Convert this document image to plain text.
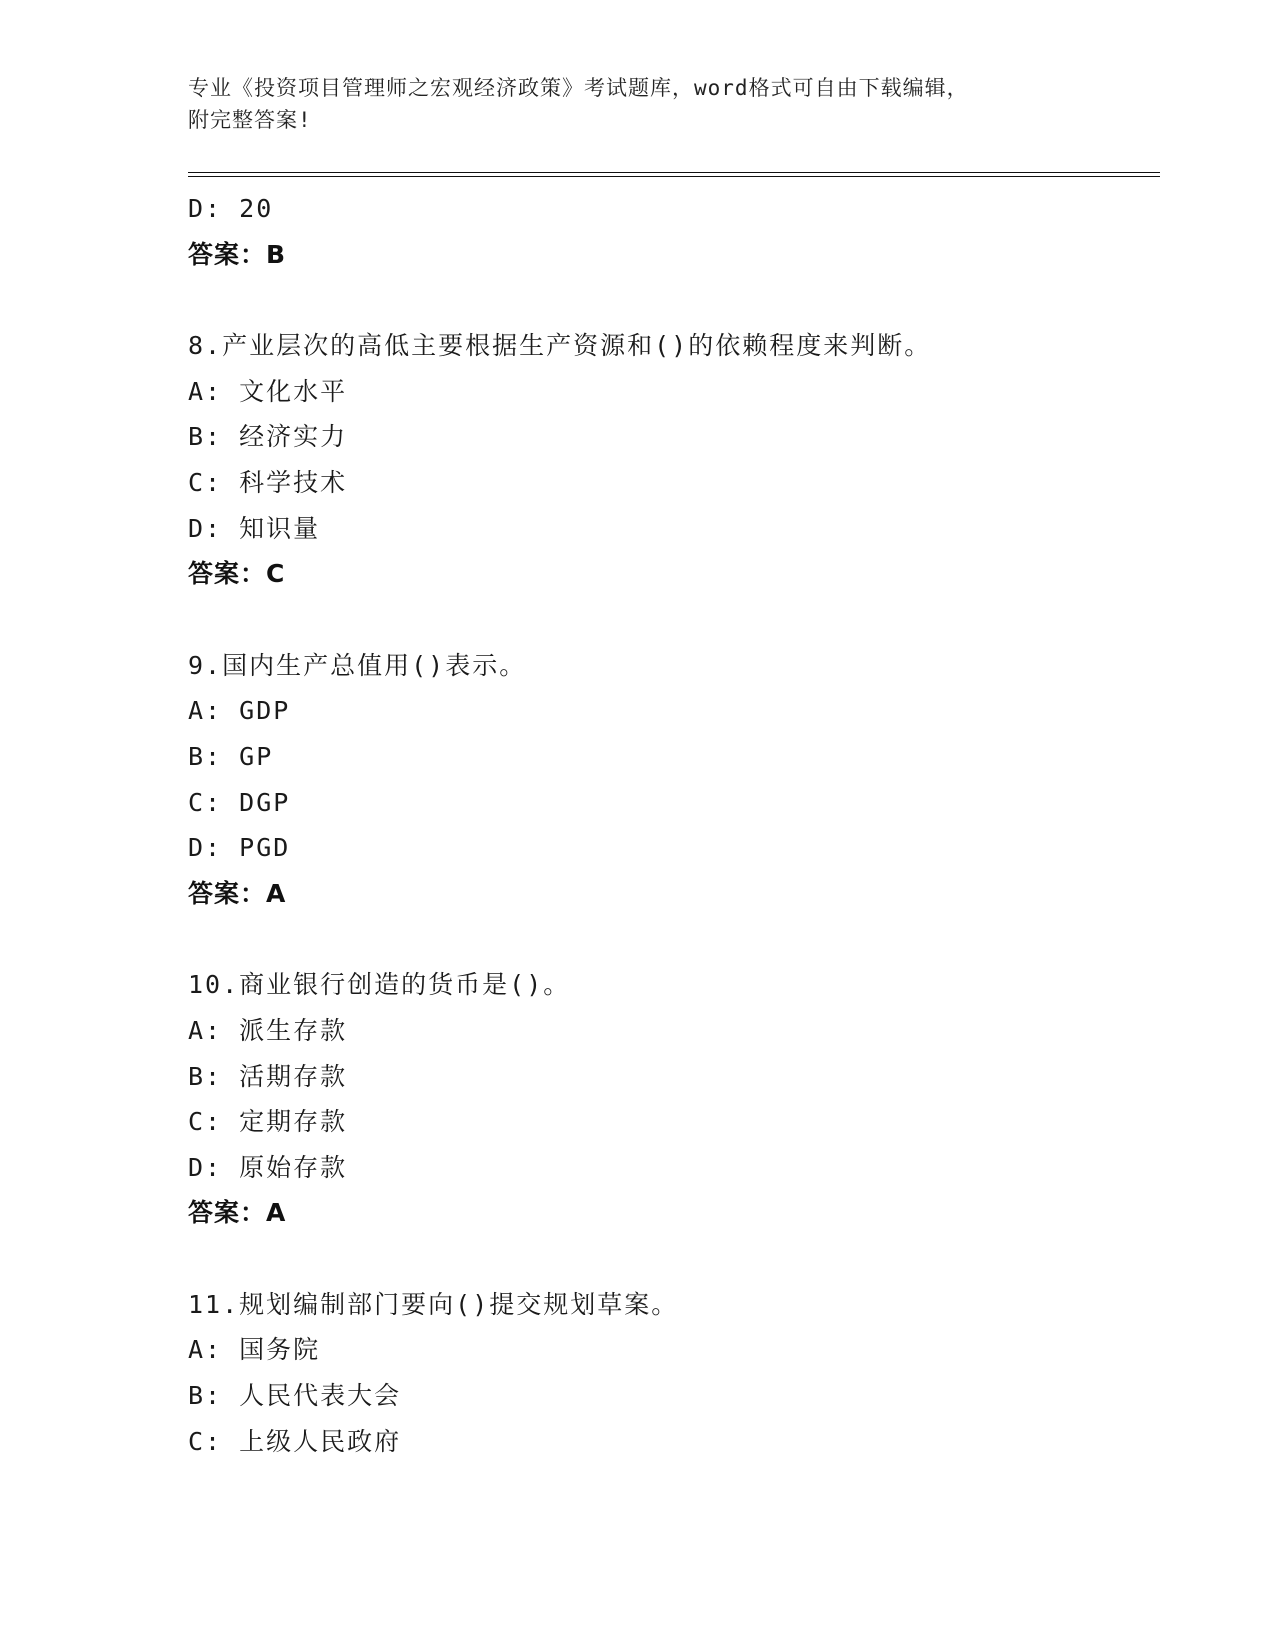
专业《投资项目管理师之宏观经济政策》考试题库，word格式可自由下载编辑，
附完整答案!
D: 20
答案：B
8.产业层次的高低主要根据生产资源和()的依赖程度来判断。
A: 文化水平
B: 经济实力
C: 科学技术
D: 知识量
答案：C
9.国内生产总值用()表示。
A: GDP
B: GP
C: DGP
D: PGD
答案：A
10.商业银行创造的货币是()。
A: 派生存款
B: 活期存款
C: 定期存款
D: 原始存款
答案：A
11.规划编制部门要向()提交规划草案。
A: 国务院
B: 人民代表大会
C: 上级人民政府
